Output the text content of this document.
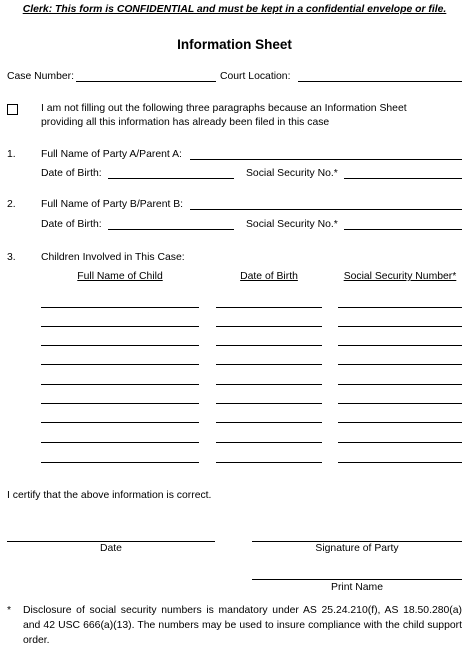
Clerk: This form is CONFIDENTIAL and must be kept in a confidential envelope or file.
Information Sheet
Case Number:	Court Location:
I am not filling out the following three paragraphs because an Information Sheet
providing all this information has already been filed in this case
1. Full Name of Party A/Parent A:
Date of Birth:	Social Security No.*
2. Full Name of Party B/Parent B:
Date of Birth:	Social Security No.*
3. Children Involved in This Case:
Full Name of Child	Date of Birth	Social Security Number*
I certify that the above information is correct.
Date	Signature of Party
Print Name
* Disclosure of social security numbers is mandatory under AS 25.24.210(f), AS 18.50.280(a) and 42 USC 666(a)(13). The numbers may be used to insure compliance with the child support order.
